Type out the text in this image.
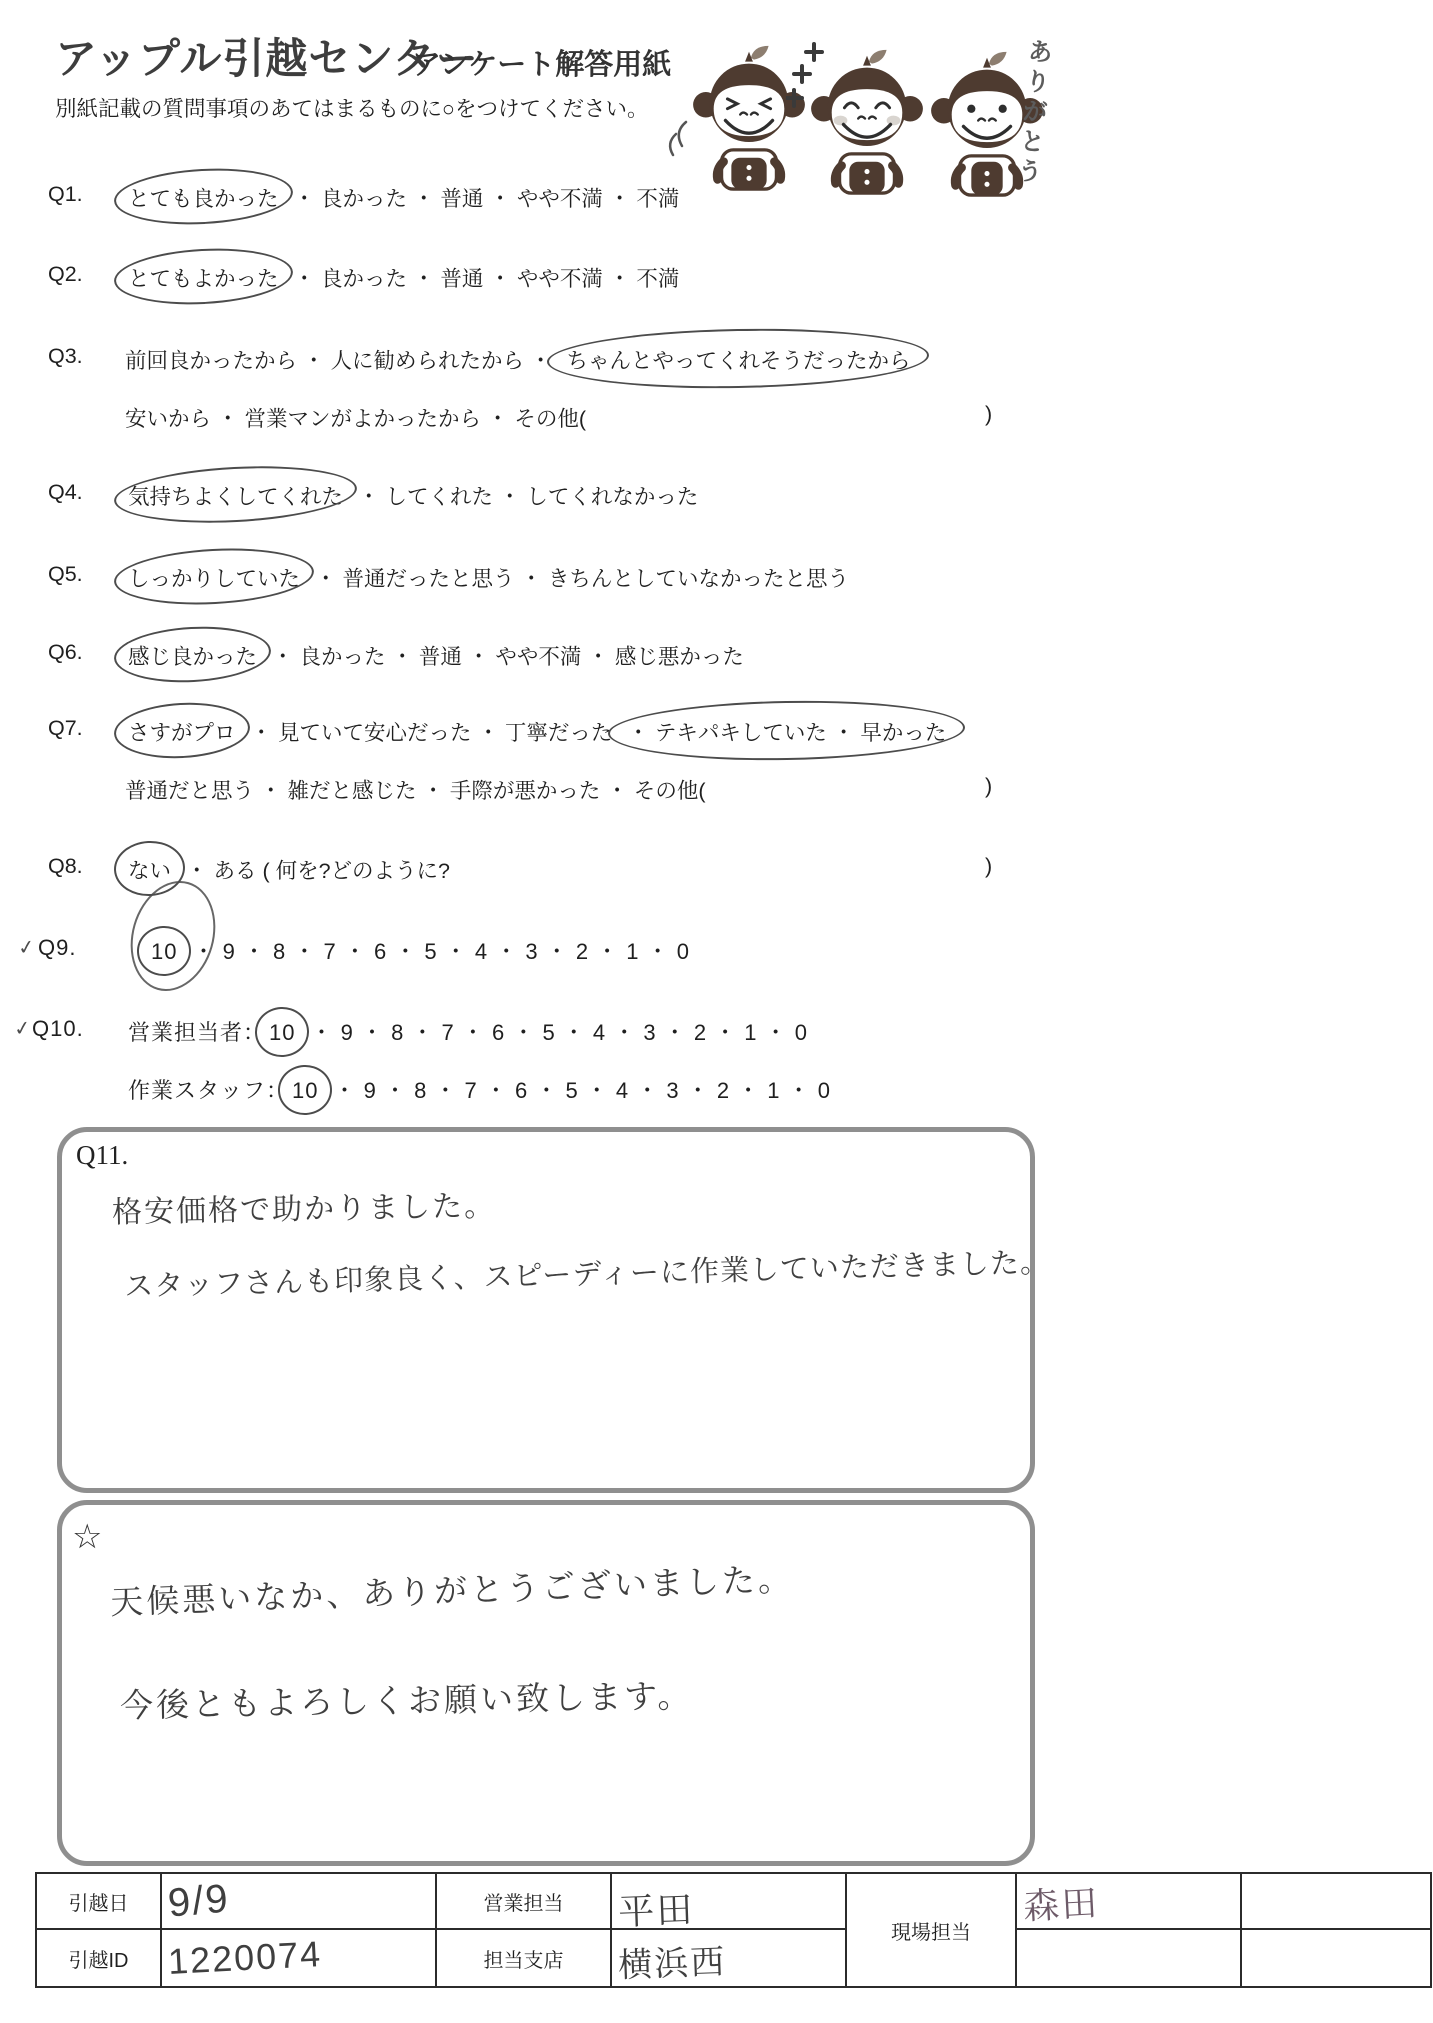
アップル引越センター
アンケート解答用紙
別紙記載の質問事項のあてはまるものに○をつけてください。	ありがとう
Q1. とても良かった ・ 良かった ・ 普通 ・ やや不満 ・ 不満
Q2. とてもよかった ・ 良かった ・ 普通 ・ やや不満 ・ 不満
Q3. 前回良かったから ・ 人に勧められたから ・ ちゃんとやってくれそうだったから
安いから ・ 営業マンがよかったから ・ その他(	)
Q4. 気持ちよくしてくれた ・ してくれた ・ してくれなかった
Q5. しっかりしていた ・ 普通だったと思う ・ きちんとしていなかったと思う
Q6. 感じ良かった ・ 良かった ・ 普通 ・ やや不満 ・ 感じ悪かった
Q7. さすがプロ ・ 見ていて安心だった ・ 丁寧だった ・ テキパキしていた ・ 早かった
普通だと思う ・ 雑だと感じた ・ 手際が悪かった ・ その他(	)
Q8. ない ・ ある ( 何を?どのように?	)
✓ Q9.	10 ・ 9 ・ 8 ・ 7 ・ 6 ・ 5 ・ 4 ・ 3 ・ 2 ・ 1 ・ 0
✓
Q10. 営業担当者： 10 ・ 9 ・ 8 ・ 7 ・ 6 ・ 5 ・ 4 ・ 3 ・ 2 ・ 1 ・ 0
作業スタッフ： 10 ・ 9 ・ 8 ・ 7 ・ 6 ・ 5 ・ 4 ・ 3 ・ 2 ・ 1 ・ 0
Q11.
格安価格で助かりました。
スタッフさんも印象良く、スピーディーに作業していただきました。
☆
天候悪いなか、ありがとうございました。
今後ともよろしくお願い致します。
引越日	9/9	営業担当	平田	現場担当	森田	
引越ID	1220074	担当支店	横浜西			
